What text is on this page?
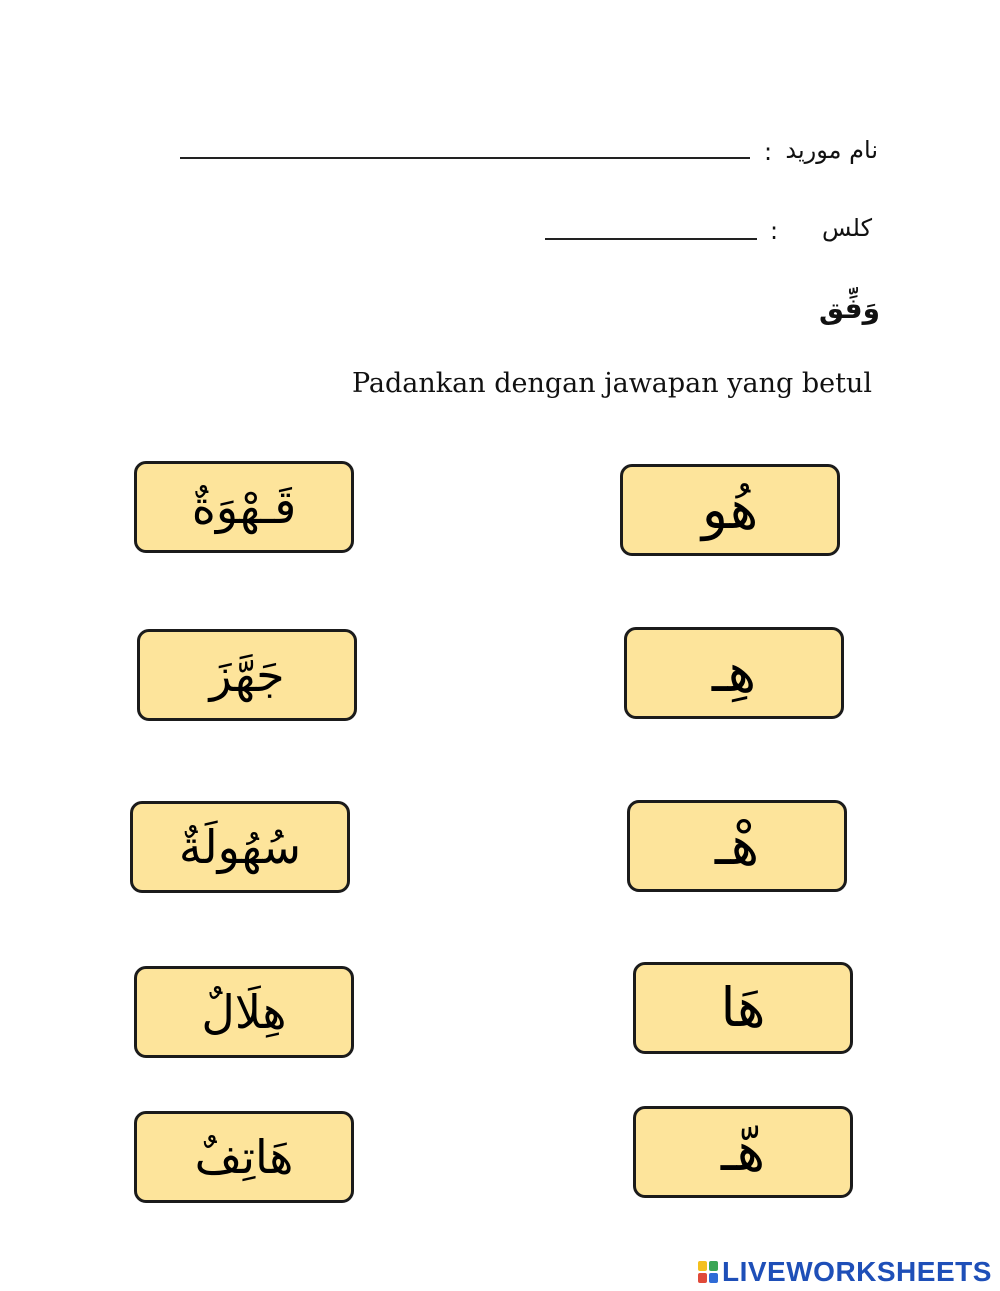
: نام موريد
: کلس
وَفِّق
Padankan dengan jawapan yang betul
قَـهْوَةٌ
جَهَّزَ
سُهُولَةٌ
هِلَالٌ
هَاتِفٌ
هُو
هِـ
هْـ
هَا
هّـ
LIVEWORKSHEETS
